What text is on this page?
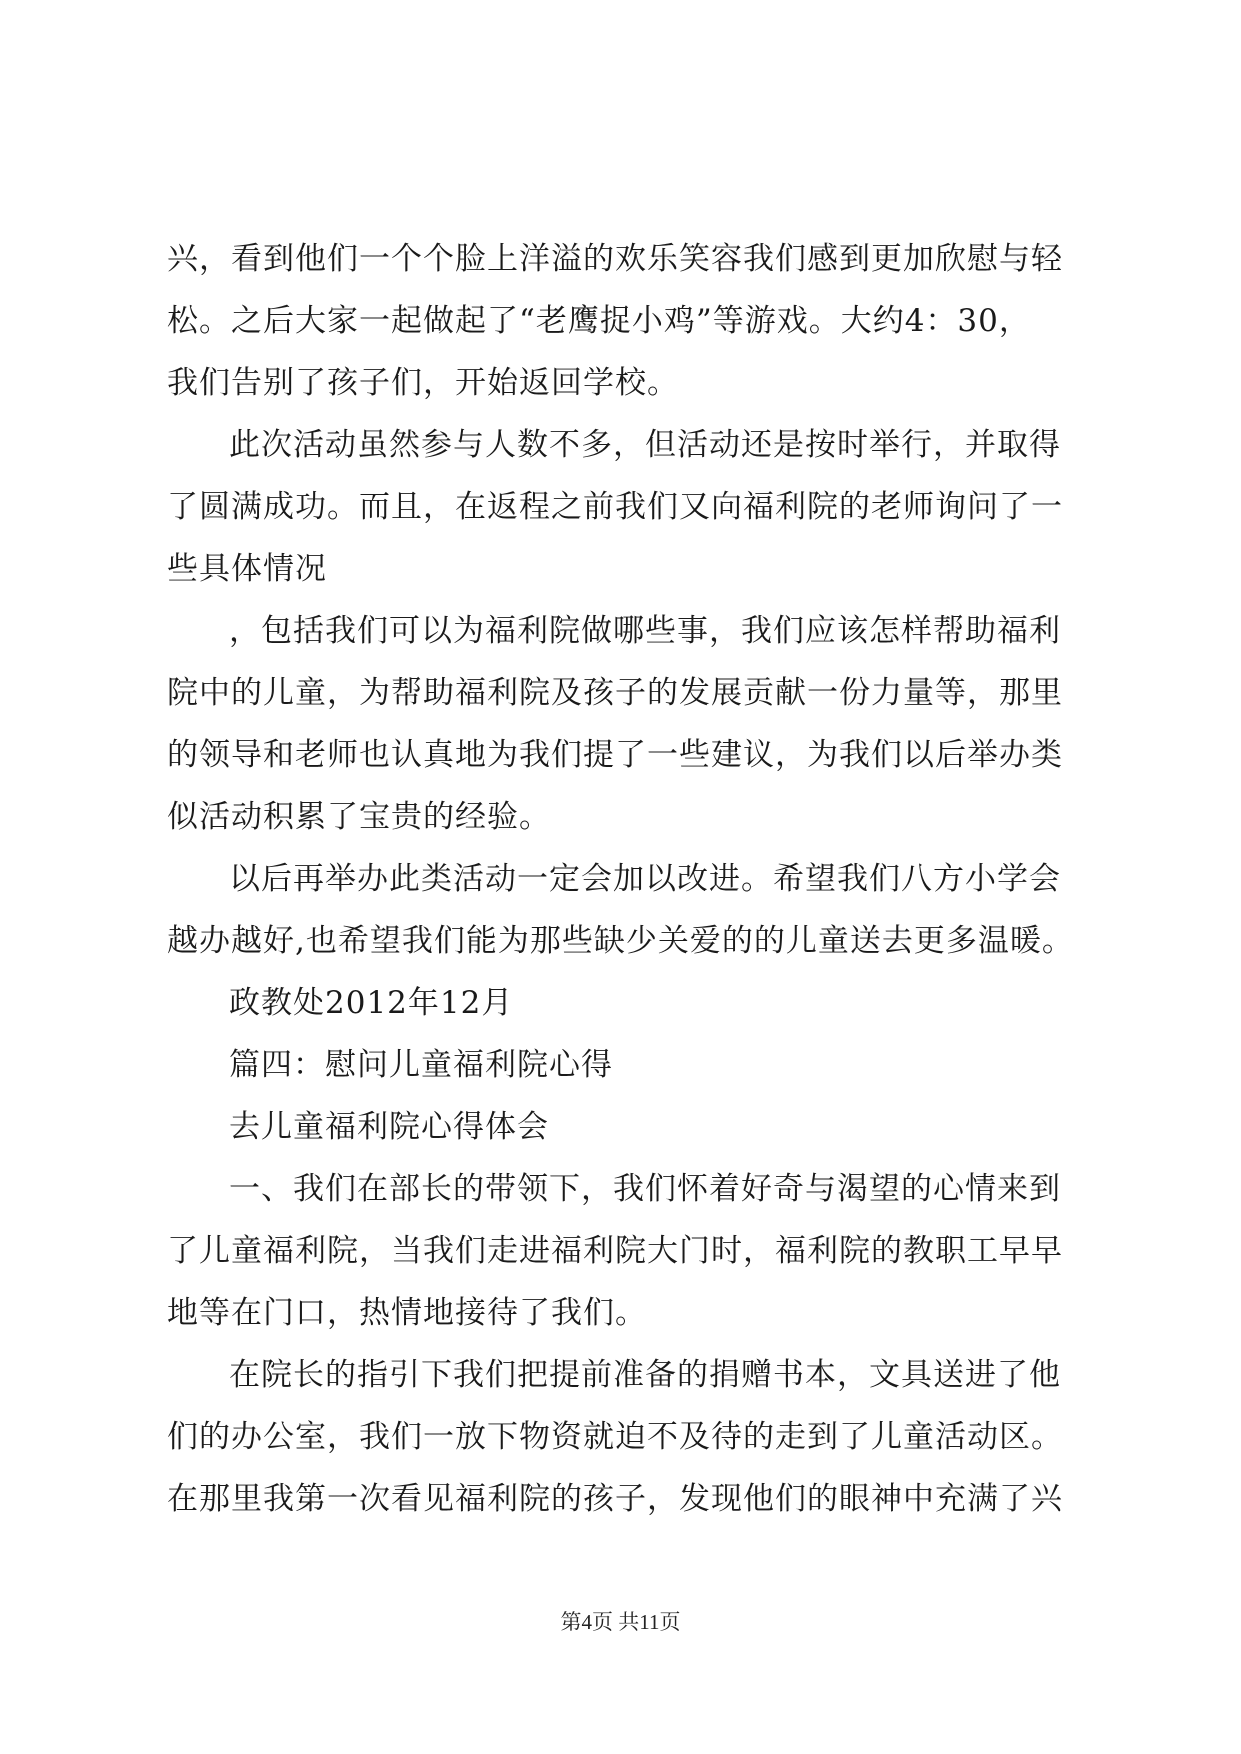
兴，看到他们一个个脸上洋溢的欢乐笑容我们感到更加欣慰与轻
松。之后大家一起做起了“老鹰捉小鸡”等游戏。大约4：30，
我们告别了孩子们，开始返回学校。
此次活动虽然参与人数不多，但活动还是按时举行，并取得
了圆满成功。而且，在返程之前我们又向福利院的老师询问了一
些具体情况
，包括我们可以为福利院做哪些事，我们应该怎样帮助福利
院中的儿童，为帮助福利院及孩子的发展贡献一份力量等，那里
的领导和老师也认真地为我们提了一些建议，为我们以后举办类
似活动积累了宝贵的经验。
以后再举办此类活动一定会加以改进。希望我们八方小学会
越办越好,也希望我们能为那些缺少关爱的的儿童送去更多温暖。
政教处2012年12月
篇四：慰问儿童福利院心得
去儿童福利院心得体会
一、我们在部长的带领下，我们怀着好奇与渴望的心情来到
了儿童福利院，当我们走进福利院大门时，福利院的教职工早早
地等在门口，热情地接待了我们。
在院长的指引下我们把提前准备的捐赠书本，文具送进了他
们的办公室，我们一放下物资就迫不及待的走到了儿童活动区。
在那里我第一次看见福利院的孩子，发现他们的眼神中充满了兴
第4页 共11页
